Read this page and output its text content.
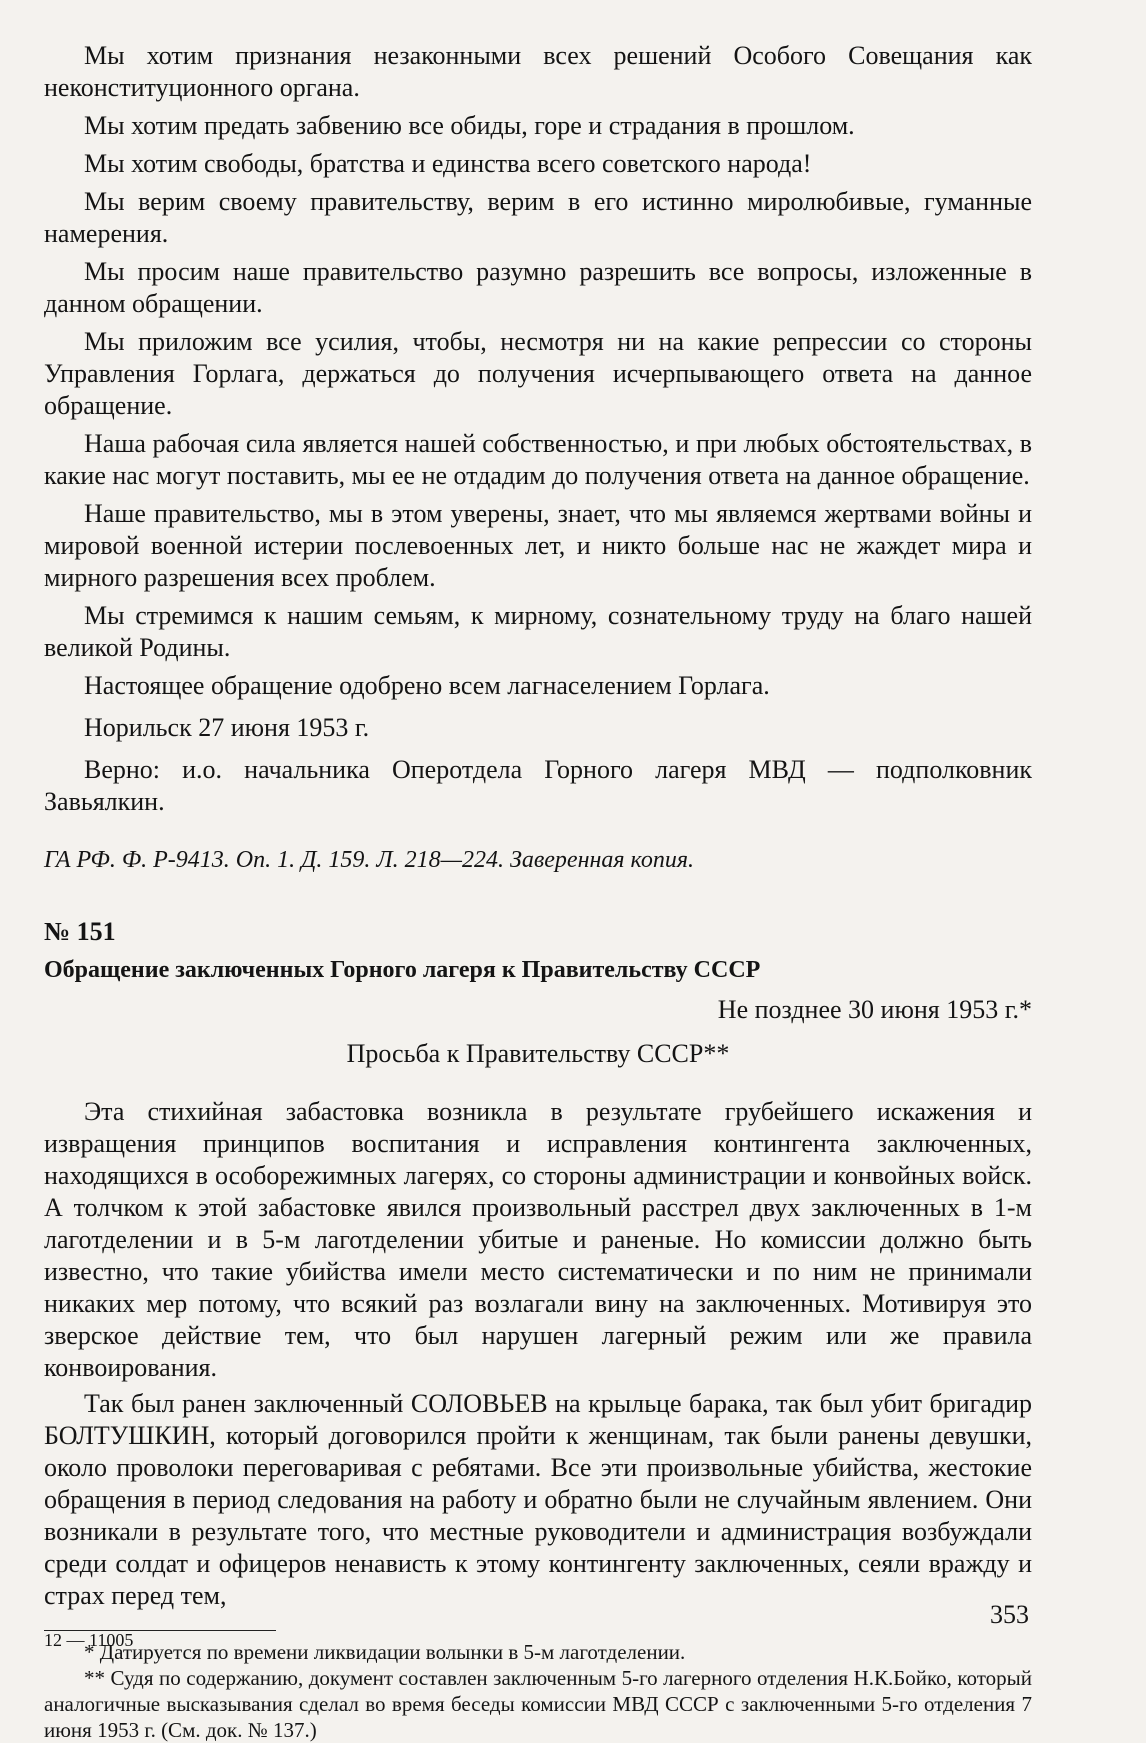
Мы хотим признания незаконными всех решений Особого Совещания как неконституционного органа.

Мы хотим предать забвению все обиды, горе и страдания в прошлом.

Мы хотим свободы, братства и единства всего советского народа!

Мы верим своему правительству, верим в его истинно миролюбивые, гуманные намерения.

Мы просим наше правительство разумно разрешить все вопросы, изложенные в данном обращении.

Мы приложим все усилия, чтобы, несмотря ни на какие репрессии со стороны Управления Горлага, держаться до получения исчерпывающего ответа на данное обращение.

Наша рабочая сила является нашей собственностью, и при любых обстоятельствах, в какие нас могут поставить, мы ее не отдадим до получения ответа на данное обращение.

Наше правительство, мы в этом уверены, знает, что мы являемся жертвами войны и мировой военной истерии послевоенных лет, и никто больше нас не жаждет мира и мирного разрешения всех проблем.

Мы стремимся к нашим семьям, к мирному, сознательному труду на благо нашей великой Родины.

Настоящее обращение одобрено всем лагнаселением Горлага.

Норильск 27 июня 1953 г.

Верно: и.о. начальника Оперотдела Горного лагеря МВД — подполковник Завьялкин.

ГА РФ. Ф. Р-9413. Оп. 1. Д. 159. Л. 218—224. Заверенная копия.

№ 151

Обращение заключенных Горного лагеря к Правительству СССР

Не позднее 30 июня 1953 г.*

Просьба к Правительству СССР**

Эта стихийная забастовка возникла в результате грубейшего искажения и извращения принципов воспитания и исправления контингента заключенных, находящихся в особорежимных лагерях, со стороны администрации и конвойных войск. А толчком к этой забастовке явился произвольный расстрел двух заключенных в 1-м лаготделении и в 5-м лаготделении убитые и раненые. Но комиссии должно быть известно, что такие убийства имели место систематически и по ним не принимали никаких мер потому, что всякий раз возлагали вину на заключенных. Мотивируя это зверское действие тем, что был нарушен лагерный режим или же правила конвоирования.

Так был ранен заключенный СОЛОВЬЕВ на крыльце барака, так был убит бригадир БОЛТУШКИН, который договорился пройти к женщинам, так были ранены девушки, около проволоки переговаривая с ребятами. Все эти произвольные убийства, жестокие обращения в период следования на работу и обратно были не случайным явлением. Они возникали в результате того, что местные руководители и администрация возбуждали среди солдат и офицеров ненависть к этому контингенту заключенных, сеяли вражду и страх перед тем,

* Датируется по времени ликвидации волынки в 5-м лаготделении.

** Судя по содержанию, документ составлен заключенным 5-го лагерного отделения Н.К.Бойко, который аналогичные высказывания сделал во время беседы комиссии МВД СССР с заключенными 5-го отделения 7 июня 1953 г. (См. док. № 137.)

353
12 — 11005
